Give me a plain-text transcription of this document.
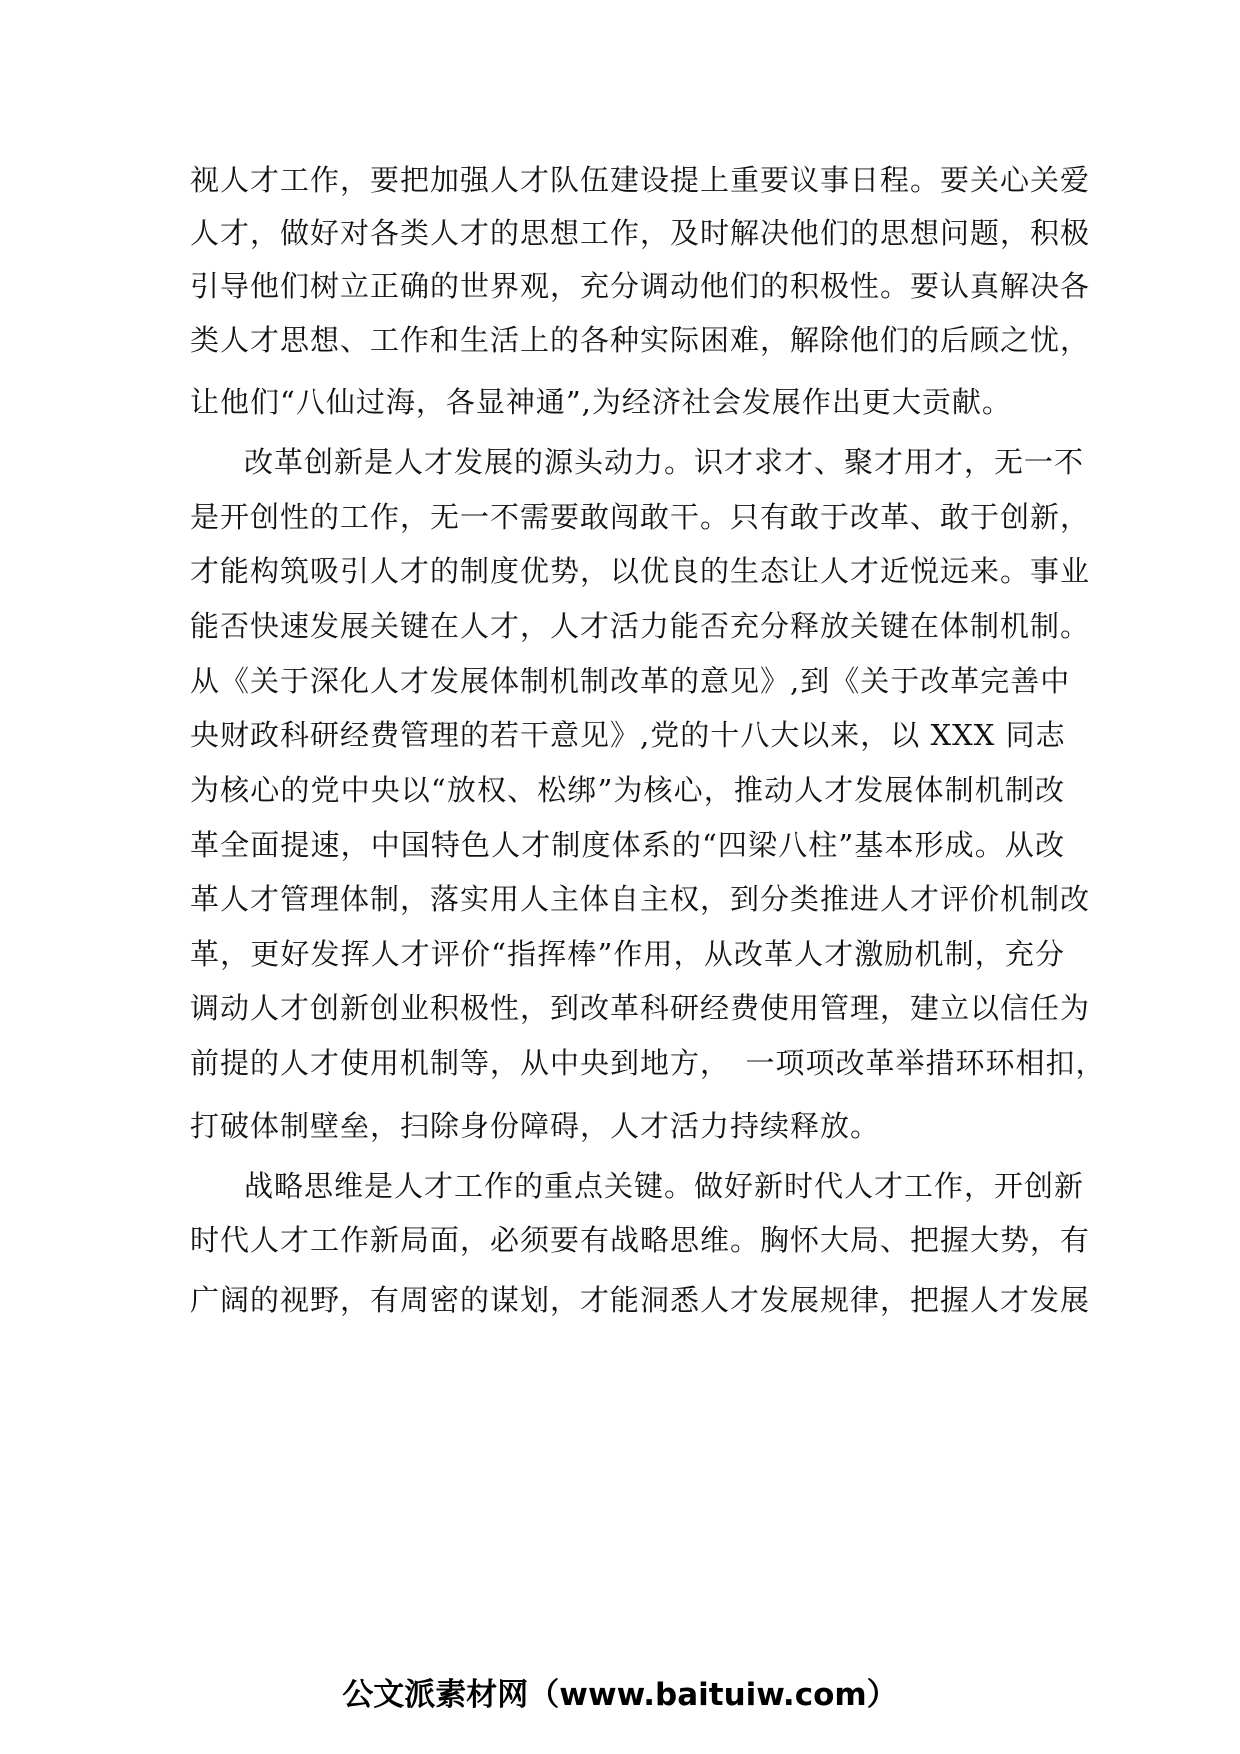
视人才工作，要把加强人才队伍建设提上重要议事日程。要关心关爱
人才，做好对各类人才的思想工作，及时解决他们的思想问题，积极
引导他们树立正确的世界观，充分调动他们的积极性。要认真解决各
类人才思想、工作和生活上的各种实际困难，解除他们的后顾之忧，
让他们“八仙过海，各显神通”,为经济社会发展作出更大贡献。
改革创新是人才发展的源头动力。识才求才、聚才用才，无一不
是开创性的工作，无一不需要敢闯敢干。只有敢于改革、敢于创新，
才能构筑吸引人才的制度优势，以优良的生态让人才近悦远来。事业
能否快速发展关键在人才，人才活力能否充分释放关键在体制机制。
从《关于深化人才发展体制机制改革的意见》,到《关于改革完善中
央财政科研经费管理的若干意见》,党的十八大以来，以 XXX 同志
为核心的党中央以“放权、松绑”为核心，推动人才发展体制机制改
革全面提速，中国特色人才制度体系的“四梁八柱”基本形成。从改
革人才管理体制，落实用人主体自主权，到分类推进人才评价机制改
革，更好发挥人才评价“指挥棒”作用，从改革人才激励机制，充分
调动人才创新创业积极性，到改革科研经费使用管理，建立以信任为
前提的人才使用机制等，从中央到地方，　一项项改革举措环环相扣，
打破体制壁垒，扫除身份障碍，人才活力持续释放。
战略思维是人才工作的重点关键。做好新时代人才工作，开创新
时代人才工作新局面，必须要有战略思维。胸怀大局、把握大势，有
广阔的视野，有周密的谋划，才能洞悉人才发展规律，把握人才发展
公文派素材网（www.baituiw.com）
